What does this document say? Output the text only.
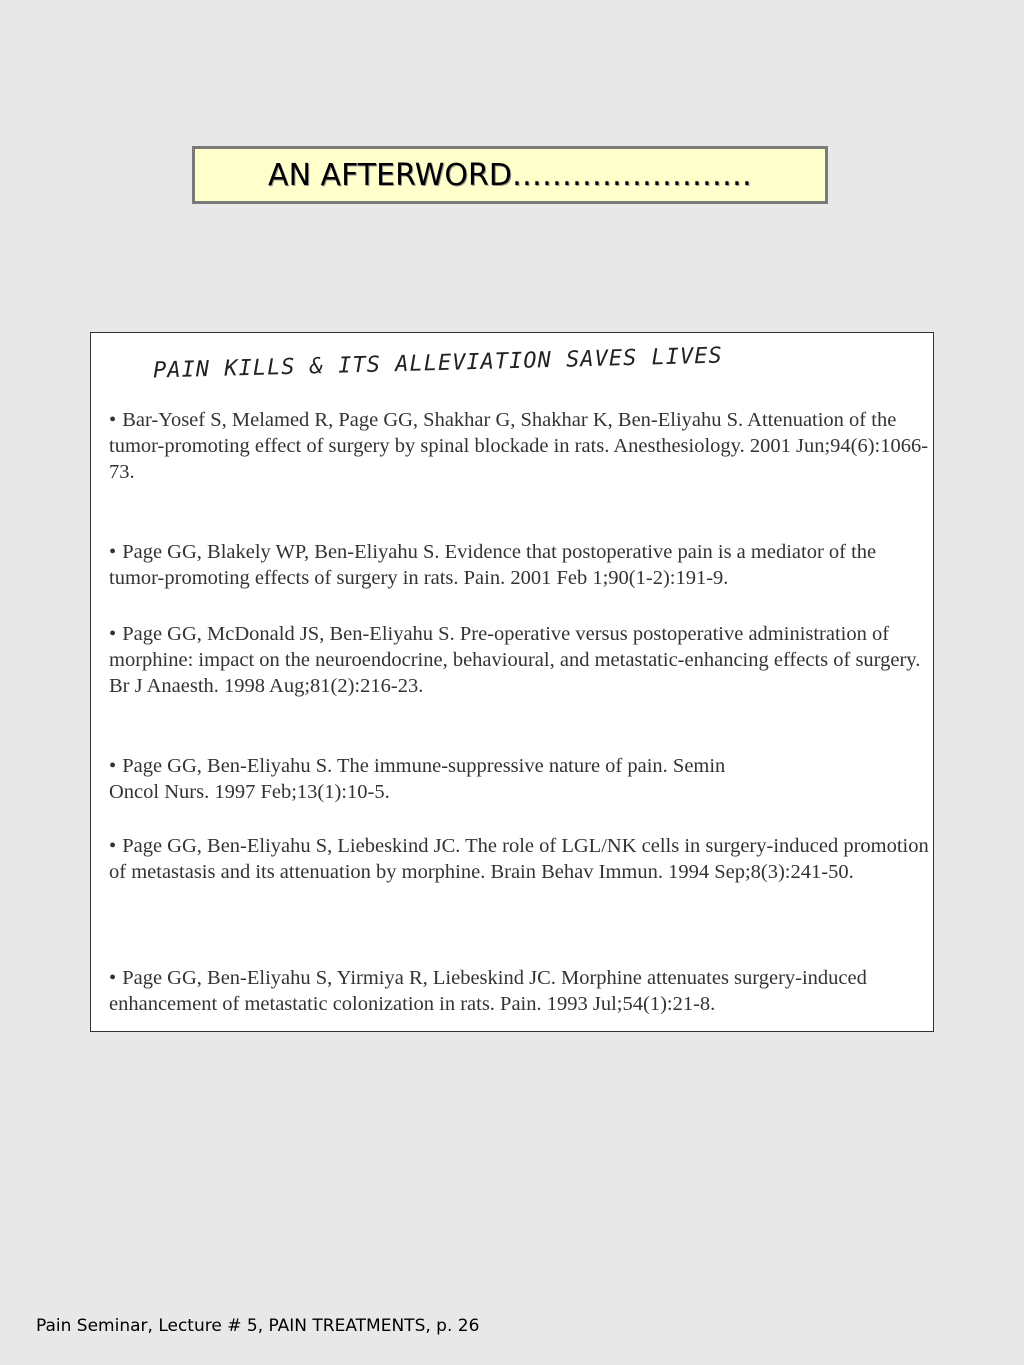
AN AFTERWORD……………………
PAIN KILLS & ITS ALLEVIATION SAVES LIVES
• Bar-Yosef S, Melamed R, Page GG, Shakhar G, Shakhar K, Ben-Eliyahu S. Attenuation of the tumor-promoting effect of surgery by spinal blockade in rats. Anesthesiology. 2001 Jun;94(6):1066-73.
• Page GG, Blakely WP, Ben-Eliyahu S. Evidence that postoperative pain is a mediator of the tumor-promoting effects of surgery in rats. Pain. 2001 Feb 1;90(1-2):191-9.
• Page GG, McDonald JS, Ben-Eliyahu S. Pre-operative versus postoperative administration of morphine: impact on the neuroendocrine, behavioural, and metastatic-enhancing effects of surgery. Br J Anaesth. 1998 Aug;81(2):216-23.
• Page GG, Ben-Eliyahu S. The immune-suppressive nature of pain. Semin Oncol Nurs. 1997 Feb;13(1):10-5.
• Page GG, Ben-Eliyahu S, Liebeskind JC. The role of LGL/NK cells in surgery-induced promotion of metastasis and its attenuation by morphine. Brain Behav Immun. 1994 Sep;8(3):241-50.
• Page GG, Ben-Eliyahu S, Yirmiya R, Liebeskind JC. Morphine attenuates surgery-induced enhancement of metastatic colonization in rats. Pain. 1993 Jul;54(1):21-8.
Pain Seminar, Lecture # 5, PAIN TREATMENTS, p. 26
